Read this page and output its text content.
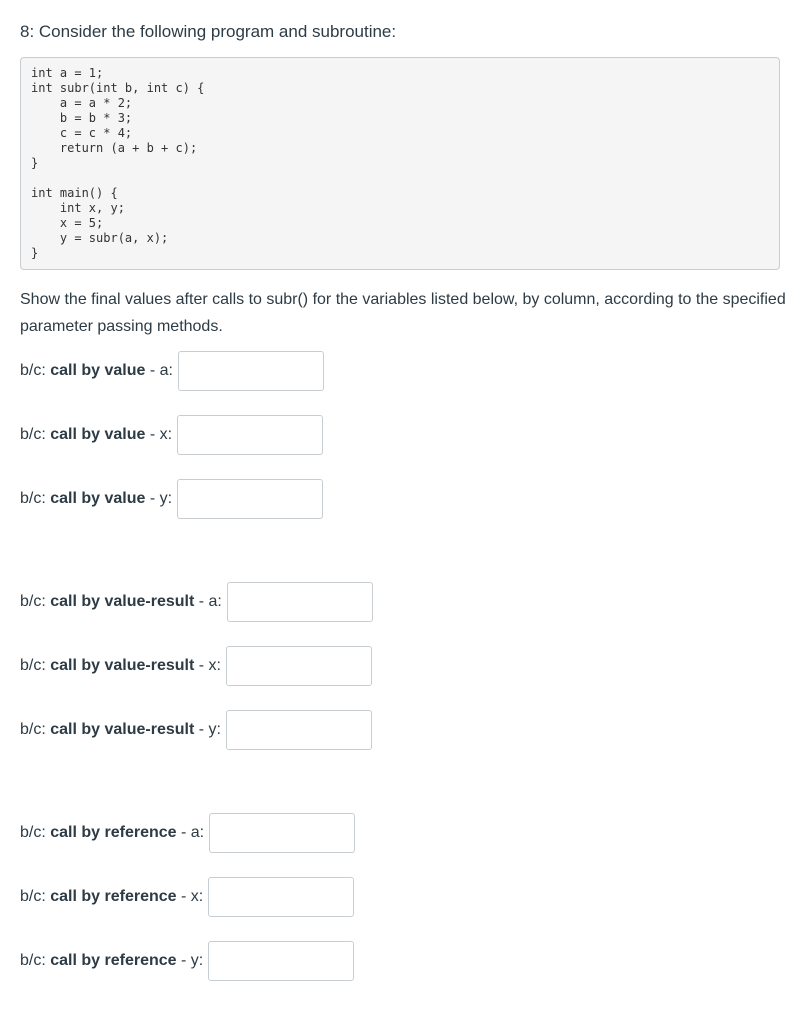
8: Consider the following program and subroutine:
int a = 1;
int subr(int b, int c) {
a = a * 2;
b = b * 3;
c = c * 4;
return (a + b + c);
}
int main() {
int x, y;
x = 5;
y = subr(a, x);
}

Show the final values after calls to subr() for the variables listed below, by column, according to the specified parameter passing methods.

b/c: call by value - a:
b/c: call by value - x:
b/c: call by value - y:
b/c: call by value-result - a:
b/c: call by value-result - x:
b/c: call by value-result - y:
b/c: call by reference - a:
b/c: call by reference - x:
b/c: call by reference - y:
